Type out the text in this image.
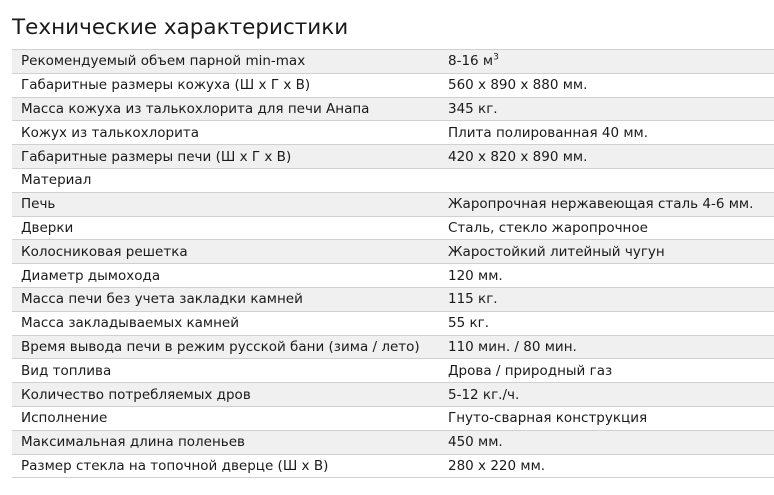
Технические характеристики
Рекомендуемый объем парной min-max	8-16 $м^3$
Габаритные размеры кожуха (Ш х Г х В)	560 х 890 х 880 мм.
Масса кожуха из талькохлорита для печи Анапа	345 кг.
Кожух из талькохлорита	Плита полированная 40 мм.
Габаритные размеры печи (Ш х Г х В)	420 х 820 х 890 мм.
Материал	
Печь	Жаропрочная нержавеющая сталь 4-6 мм.
Дверки	Сталь, стекло жаропрочное
Колосниковая решетка	Жаростойкий литейный чугун
Диаметр дымохода	120 мм.
Масса печи без учета закладки камней	115 кг.
Масса закладываемых камней	55 кг.
Время вывода печи в режим русской бани (зима / лето)	110 мин. / 80 мин.
Вид топлива	Дрова / природный газ
Количество потребляемых дров	5-12 кг./ч.
Исполнение	Гнуто-сварная конструкция
Максимальная длина поленьев	450 мм.
Размер стекла на топочной дверце (Ш х В)	280 х 220 мм.
